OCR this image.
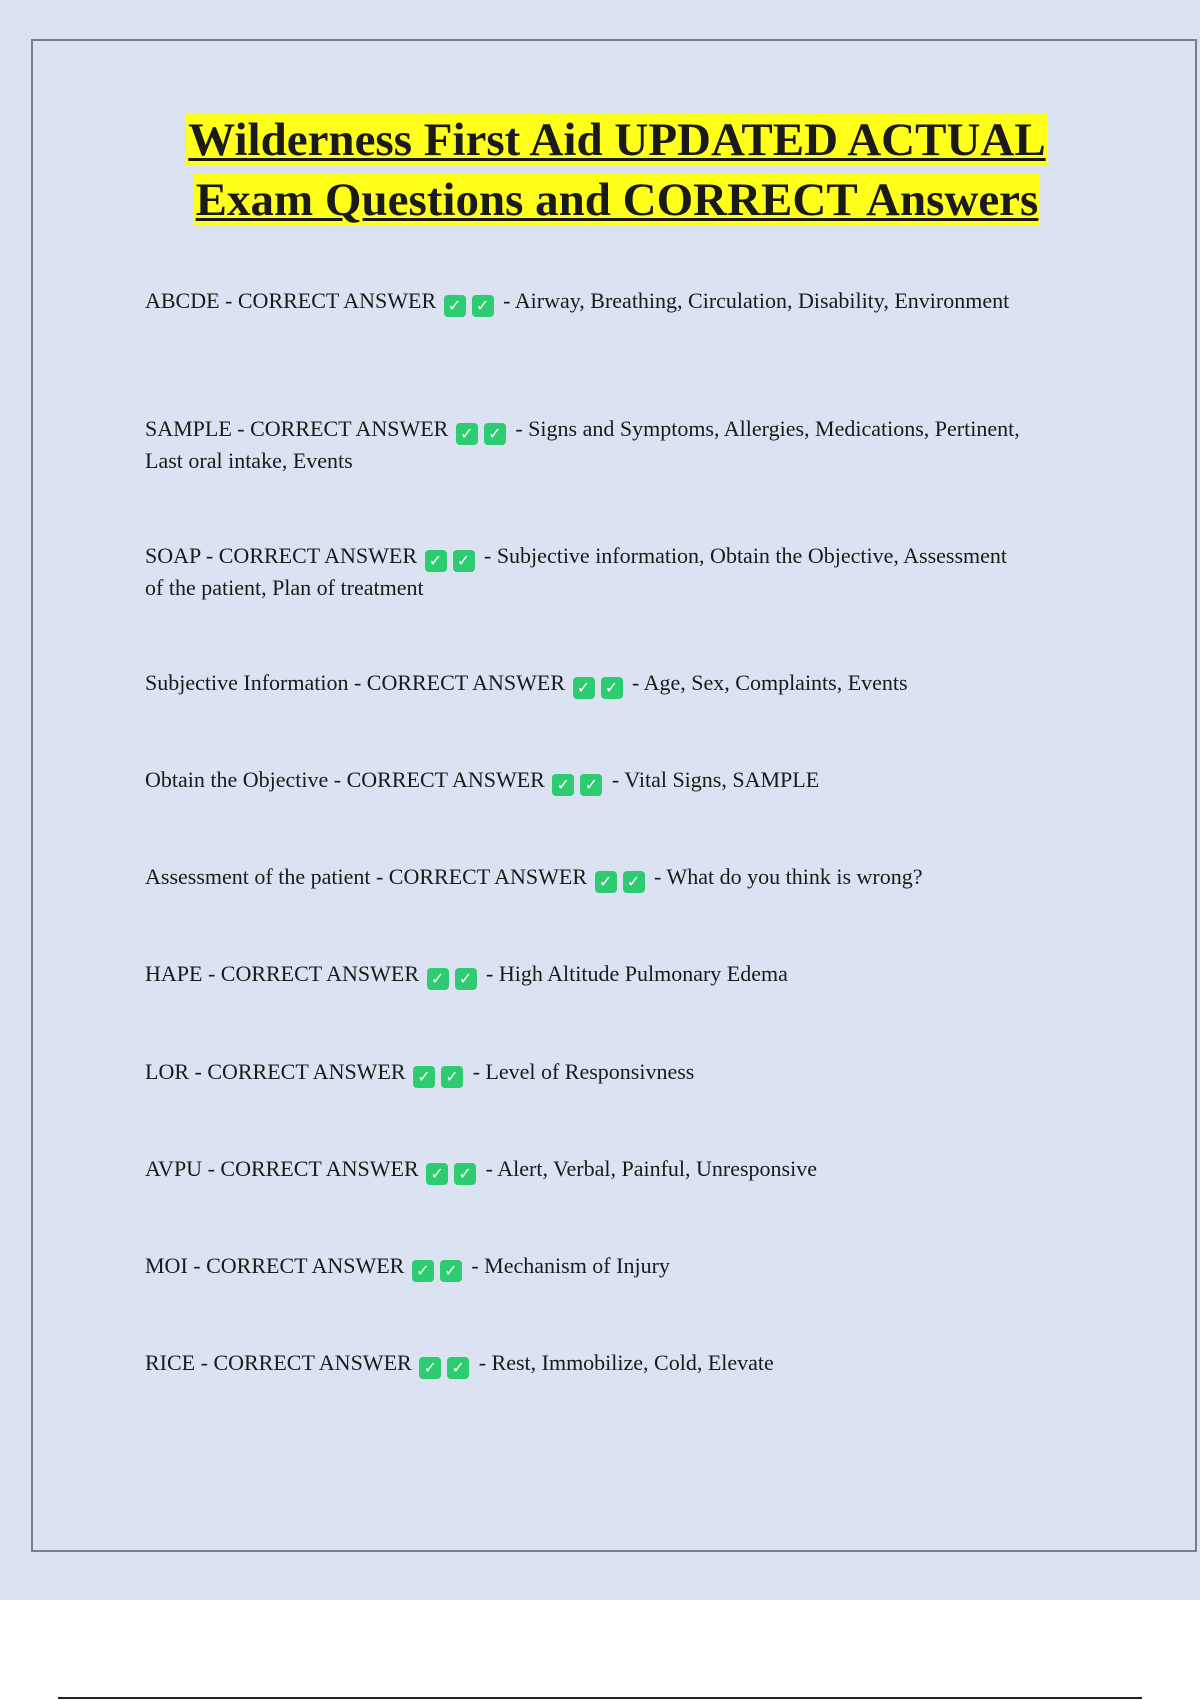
Wilderness First Aid UPDATED ACTUAL
Exam Questions and CORRECT Answers
ABCDE - CORRECT ANSWER ✓ ✓ - Airway, Breathing, Circulation, Disability, Environment
SAMPLE - CORRECT ANSWER ✓ ✓ - Signs and Symptoms, Allergies, Medications, Pertinent, Last oral intake, Events
SOAP - CORRECT ANSWER ✓ ✓ - Subjective information, Obtain the Objective, Assessment of the patient, Plan of treatment
Subjective Information - CORRECT ANSWER ✓ ✓ - Age, Sex, Complaints, Events
Obtain the Objective - CORRECT ANSWER ✓ ✓ - Vital Signs, SAMPLE
Assessment of the patient - CORRECT ANSWER ✓ ✓ - What do you think is wrong?
HAPE - CORRECT ANSWER ✓ ✓ - High Altitude Pulmonary Edema
LOR - CORRECT ANSWER ✓ ✓ - Level of Responsivness
AVPU - CORRECT ANSWER ✓ ✓ - Alert, Verbal, Painful, Unresponsive
MOI - CORRECT ANSWER ✓ ✓ - Mechanism of Injury
RICE - CORRECT ANSWER ✓ ✓ - Rest, Immobilize, Cold, Elevate
